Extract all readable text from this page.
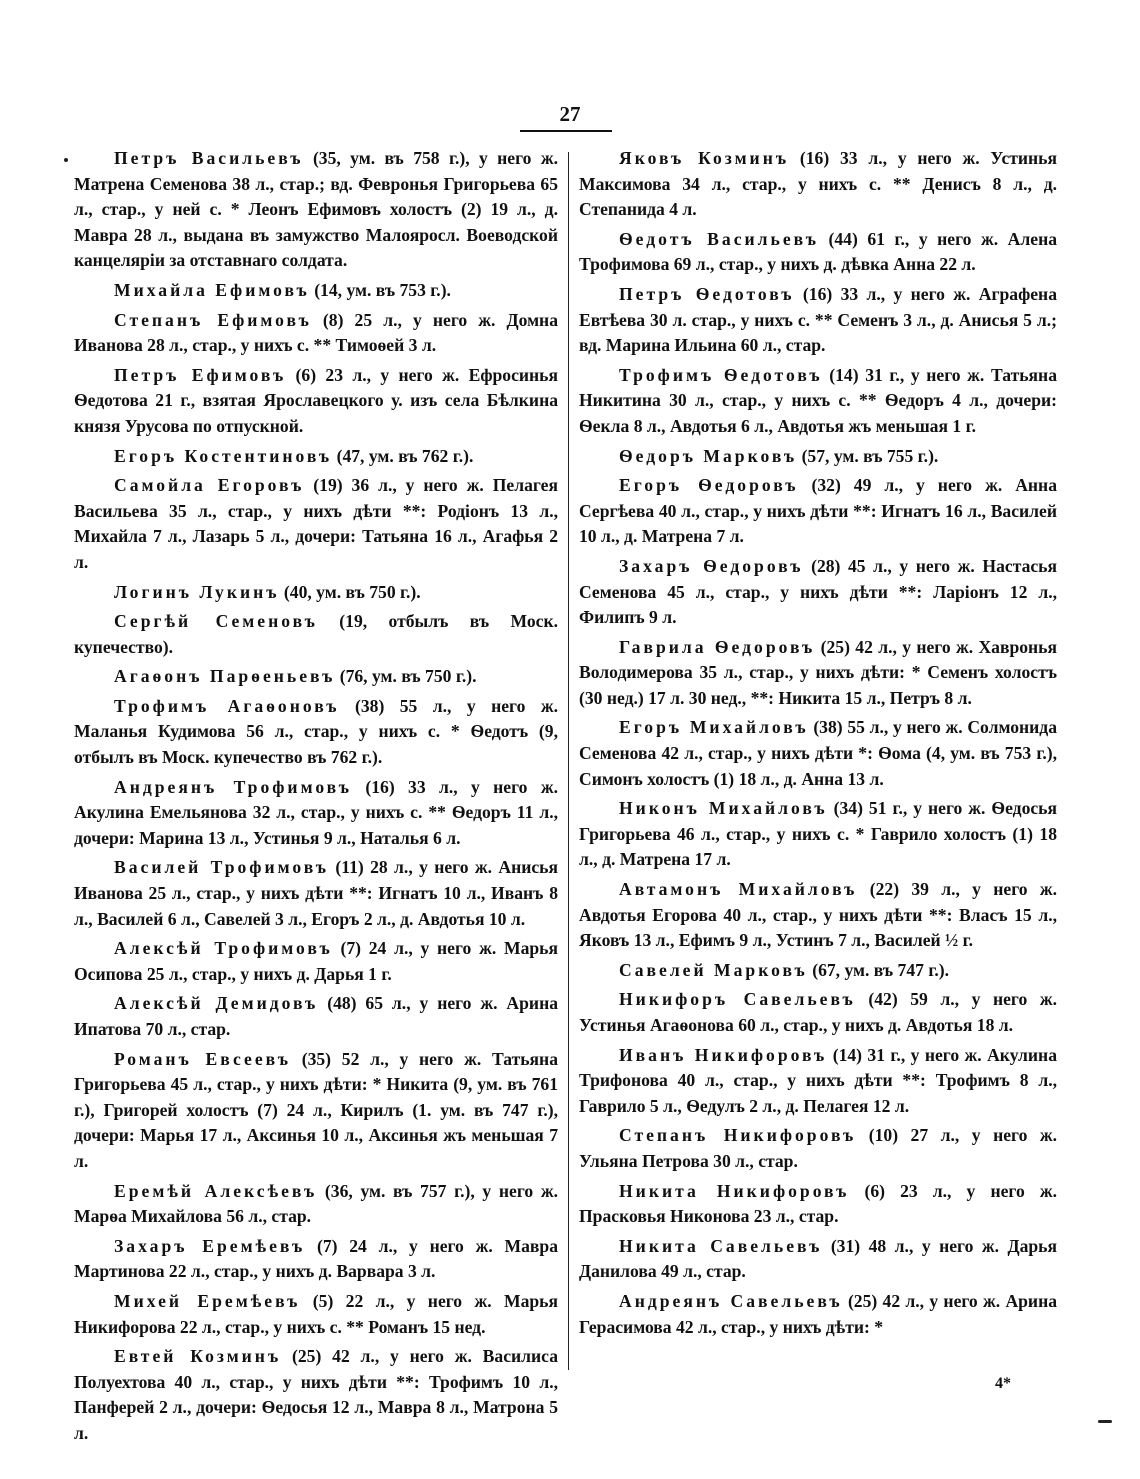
27

Петръ Васильевъ (35, ум. въ 758 г.), у него ж. Матрена Семенова 38 л., стар.; вд. Февронья Григорьева 65 л., стар., у ней с. * Леонъ Ефимовъ холостъ (2) 19 л., д. Мавра 28 л., выдана въ замужство Малояросл. Воеводской канцеляріи за отставнаго солдата.

Михайла Ефимовъ (14, ум. въ 753 г.).

Степанъ Ефимовъ (8) 25 л., у него ж. Домна Иванова 28 л., стар., у нихъ с. ** Тимоѳей 3 л.

Петръ Ефимовъ (6) 23 л., у него ж. Ефросинья Ѳедотова 21 г., взятая Ярославецкого у. изъ села Бѣлкина князя Урусова по отпускной.

Егоръ Костентиновъ (47, ум. въ 762 г.).

Самойла Егоровъ (19) 36 л., у него ж. Пелагея Васильева 35 л., стар., у нихъ дѣти **: Родіонъ 13 л., Михайла 7 л., Лазарь 5 л., дочери: Татьяна 16 л., Агафья 2 л.

Логинъ Лукинъ (40, ум. въ 750 г.).

Сергѣй Семеновъ (19, отбылъ въ Моск. купечество).

Агаѳонъ Парѳеньевъ (76, ум. въ 750 г.).

Трофимъ Агаѳоновъ (38) 55 л., у него ж. Маланья Кудимова 56 л., стар., у нихъ с. * Ѳедотъ (9, отбылъ въ Моск. купечество въ 762 г.).

Андреянъ Трофимовъ (16) 33 л., у него ж. Акулина Емельянова 32 л., стар., у нихъ с. ** Ѳедоръ 11 л., дочери: Марина 13 л., Устинья 9 л., Наталья 6 л.

Василей Трофимовъ (11) 28 л., у него ж. Анисья Иванова 25 л., стар., у нихъ дѣти **: Игнатъ 10 л., Иванъ 8 л., Василей 6 л., Савелей 3 л., Егоръ 2 л., д. Авдотья 10 л.

Алексѣй Трофимовъ (7) 24 л., у него ж. Марья Осипова 25 л., стар., у нихъ д. Дарья 1 г.

Алексѣй Демидовъ (48) 65 л., у него ж. Арина Ипатова 70 л., стар.

Романъ Евсеевъ (35) 52 л., у него ж. Татьяна Григорьева 45 л., стар., у нихъ дѣти: * Никита (9, ум. въ 761 г.), Григорей холостъ (7) 24 л., Кирилъ (1. ум. въ 747 г.), дочери: Марья 17 л., Аксинья 10 л., Аксинья жъ меньшая 7 л.

Еремѣй Алексѣевъ (36, ум. въ 757 г.), у него ж. Марѳа Михайлова 56 л., стар.

Захаръ Еремѣевъ (7) 24 л., у него ж. Мавра Мартинова 22 л., стар., у нихъ д. Варвара 3 л.

Михей Еремѣевъ (5) 22 л., у него ж. Марья Никифорова 22 л., стар., у нихъ с. ** Романъ 15 нед.

Евтей Козминъ (25) 42 л., у него ж. Василиса Полуехтова 40 л., стар., у нихъ дѣти **: Трофимъ 10 л., Панферей 2 л., дочери: Ѳедосья 12 л., Мавра 8 л., Матрона 5 л.

Яковъ Козминъ (16) 33 л., у него ж. Устинья Максимова 34 л., стар., у нихъ с. ** Денисъ 8 л., д. Степанида 4 л.

Ѳедотъ Васильевъ (44) 61 г., у него ж. Алена Трофимова 69 л., стар., у нихъ д. дѣвка Анна 22 л.

Петръ Ѳедотовъ (16) 33 л., у него ж. Аграфена Евтѣева 30 л. стар., у нихъ с. ** Семенъ 3 л., д. Анисья 5 л.; вд. Марина Ильина 60 л., стар.

Трофимъ Ѳедотовъ (14) 31 г., у него ж. Татьяна Никитина 30 л., стар., у нихъ с. ** Ѳедоръ 4 л., дочери: Ѳекла 8 л., Авдотья 6 л., Авдотья жъ меньшая 1 г.

Ѳедоръ Марковъ (57, ум. въ 755 г.).

Егоръ Ѳедоровъ (32) 49 л., у него ж. Анна Сергѣева 40 л., стар., у нихъ дѣти **: Игнатъ 16 л., Василей 10 л., д. Матрена 7 л.

Захаръ Ѳедоровъ (28) 45 л., у него ж. Настасья Семенова 45 л., стар., у нихъ дѣти **: Ларіонъ 12 л., Филипъ 9 л.

Гаврила Ѳедоровъ (25) 42 л., у него ж. Хавронья Володимерова 35 л., стар., у нихъ дѣти: * Семенъ холостъ (30 нед.) 17 л. 30 нед., **: Никита 15 л., Петръ 8 л.

Егоръ Михайловъ (38) 55 л., у него ж. Солмонида Семенова 42 л., стар., у нихъ дѣти *: Ѳома (4, ум. въ 753 г.), Симонъ холостъ (1) 18 л., д. Анна 13 л.

Никонъ Михайловъ (34) 51 г., у него ж. Ѳедосья Григорьева 46 л., стар., у нихъ с. * Гаврило холостъ (1) 18 л., д. Матрена 17 л.

Автамонъ Михайловъ (22) 39 л., у него ж. Авдотья Егорова 40 л., стар., у нихъ дѣти **: Власъ 15 л., Яковъ 13 л., Ефимъ 9 л., Устинъ 7 л., Василей ½ г.

Савелей Марковъ (67, ум. въ 747 г.).

Никифоръ Савельевъ (42) 59 л., у него ж. Устинья Агаѳонова 60 л., стар., у нихъ д. Авдотья 18 л.

Иванъ Никифоровъ (14) 31 г., у него ж. Акулина Трифонова 40 л., стар., у нихъ дѣти **: Трофимъ 8 л., Гаврило 5 л., Ѳедулъ 2 л., д. Пелагея 12 л.

Степанъ Никифоровъ (10) 27 л., у него ж. Ульяна Петрова 30 л., стар.

Никита Никифоровъ (6) 23 л., у него ж. Прасковья Никонова 23 л., стар.

Никита Савельевъ (31) 48 л., у него ж. Дарья Данилова 49 л., стар.

Андреянъ Савельевъ (25) 42 л., у него ж. Арина Герасимова 42 л., стар., у нихъ дѣти: *

4*
